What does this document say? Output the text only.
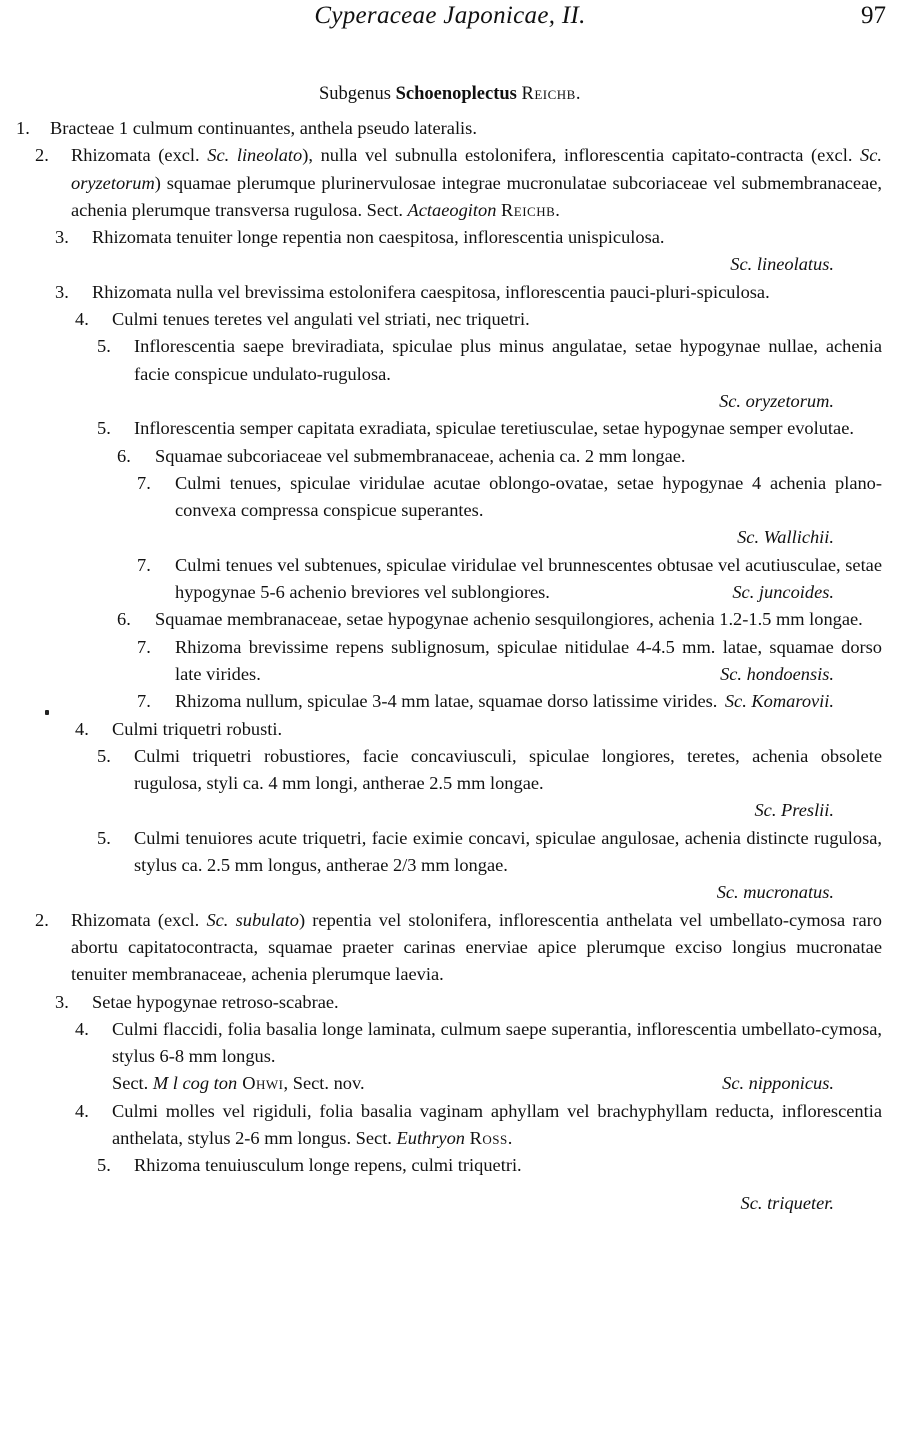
Cyperaceae Japonicae, II.	97
Subgenus Schoenoplectus Reichb.
1. Bracteae 1 culmum continuantes, anthela pseudo lateralis.
2. Rhizomata (excl. Sc. lineolato), nulla vel subnulla estolonifera, inflorescentia capitato-contracta (excl. Sc. oryzetorum) squamae plerumque plurinervulosae integrae mucronulatae subcoriaceae vel submembranaceae, achenia plerumque transversa rugulosa. Sect. Actaeogiton Reichb.
3. Rhizomata tenuiter longe repentia non caespitosa, inflorescentia unispiculosa.
Sc. lineolatus.
3. Rhizomata nulla vel brevissima estolonifera caespitosa, inflorescentia pauci-pluri-spiculosa.
4. Culmi tenues teretes vel angulati vel striati, nec triquetri.
5. Inflorescentia saepe breviradiata, spiculae plus minus angulatae, setae hypogynae nullae, achenia facie conspicue undulato-rugulosa.
Sc. oryzetorum.
5. Inflorescentia semper capitata exradiata, spiculae teretiusculae, setae hypogynae semper evolutae.
6. Squamae subcoriaceae vel submembranaceae, achenia ca. 2 mm longae.
7. Culmi tenues, spiculae viridulae acutae oblongo-ovatae, setae hypogynae 4 achenia plano-convexa compressa conspicue superantes.
Sc. Wallichii.
7. Culmi tenues vel subtenues, spiculae viridulae vel brunnescentes obtusae vel acutiusculae, setae hypogynae 5-6 achenio breviores vel sublongiores.	Sc. juncoides.
6. Squamae membranaceae, setae hypogynae achenio sesquilongiores, achenia 1.2-1.5 mm longae.
7. Rhizoma brevissime repens sublignosum, spiculae nitidulae 4-4.5 mm. latae, squamae dorso late virides.	Sc. hondoensis.
7. Rhizoma nullum, spiculae 3-4 mm latae, squamae dorso latissime virides. Sc. Komarovii.
4. Culmi triquetri robusti.
5. Culmi triquetri robustiores, facie concaviusculi, spiculae longiores, teretes, achenia obsolete rugulosa, styli ca. 4 mm longi, antherae 2.5 mm longae.
Sc. Preslii.
5. Culmi tenuiores acute triquetri, facie eximie concavi, spiculae angulosae, achenia distincte rugulosa, stylus ca. 2.5 mm longus, antherae 2/3 mm longae.
Sc. mucronatus.
2. Rhizomata (excl. Sc. subulato) repentia vel stolonifera, inflorescentia anthelata vel umbellato-cymosa raro abortu capitatocontracta, squamae praeter carinas enerviae apice plerumque exciso longius mucronatae tenuiter membranaceae, achenia plerumque laevia.
3. Setae hypogynae retroso-scabrae.
4. Culmi flaccidi, folia basalia longe laminata, culmum saepe superantia, inflorescentia umbellato-cymosa, stylus 6-8 mm longus.
Sect. M l cog ton Ohwi, Sect. nov.	Sc. nipponicus.
4. Culmi molles vel rigiduli, folia basalia vaginam aphyllam vel brachyphyllam reducta, inflorescentia anthelata, stylus 2-6 mm longus. Sect. Euthryon Ross.
5. Rhizoma tenuiusculum longe repens, culmi triquetri.
Sc. triqueter.
